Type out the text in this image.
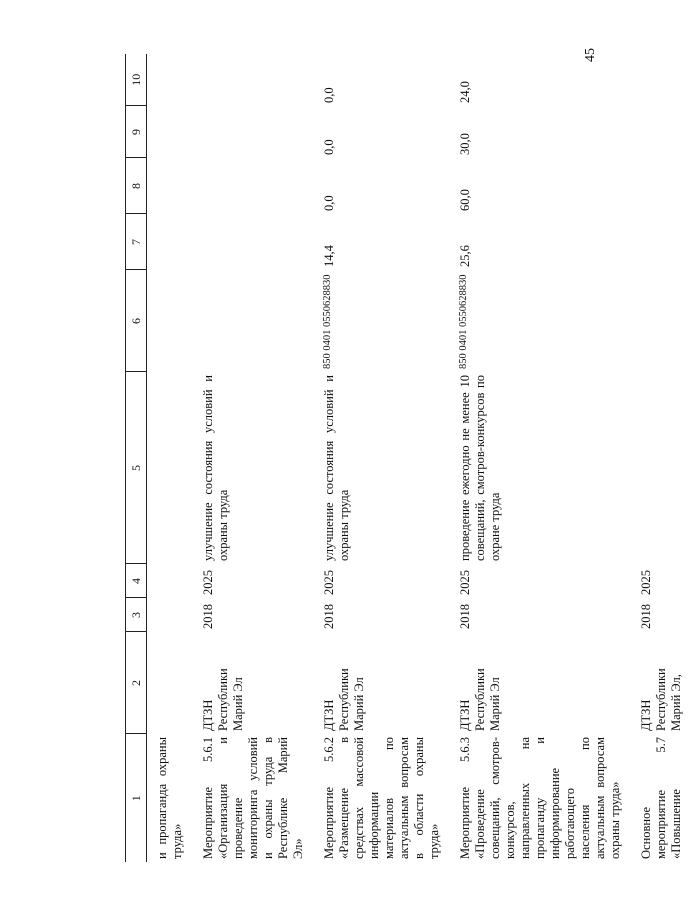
45
1	2	3	4	5	6	7	8	9	10
и пропаганда охраны труда»									
Мероприятие 5.6.1 «Организация и проведение мониторинга условий и охраны труда в Республике Марий Эл»	ДТЗН Республики Марий Эл	2018	2025	улучшение состояния условий и охраны труда					
Мероприятие 5.6.2 «Размещение в средствах массовой информации материалов по актуальным вопросам в области охраны труда»	ДТЗН Республики Марий Эл	2018	2025	улучшение состояния условий и охраны труда	850 0401 0550628830	14,4	0,0	0,0	0,0
Мероприятие 5.6.3 «Проведение совещаний, смотров-конкурсов, направленных на пропаганду и информирование работающего населения по актуальным вопросам охраны труда»	ДТЗН Республики Марий Эл	2018	2025	проведение ежегодно не менее 10 совещаний, смотров-конкурсов по охране труда	850 0401 0550628830	25,6	60,0	30,0	24,0
Основное мероприятие 5.7 «Повышение	ДТЗН Республики Марий Эл,	2018	2025						
